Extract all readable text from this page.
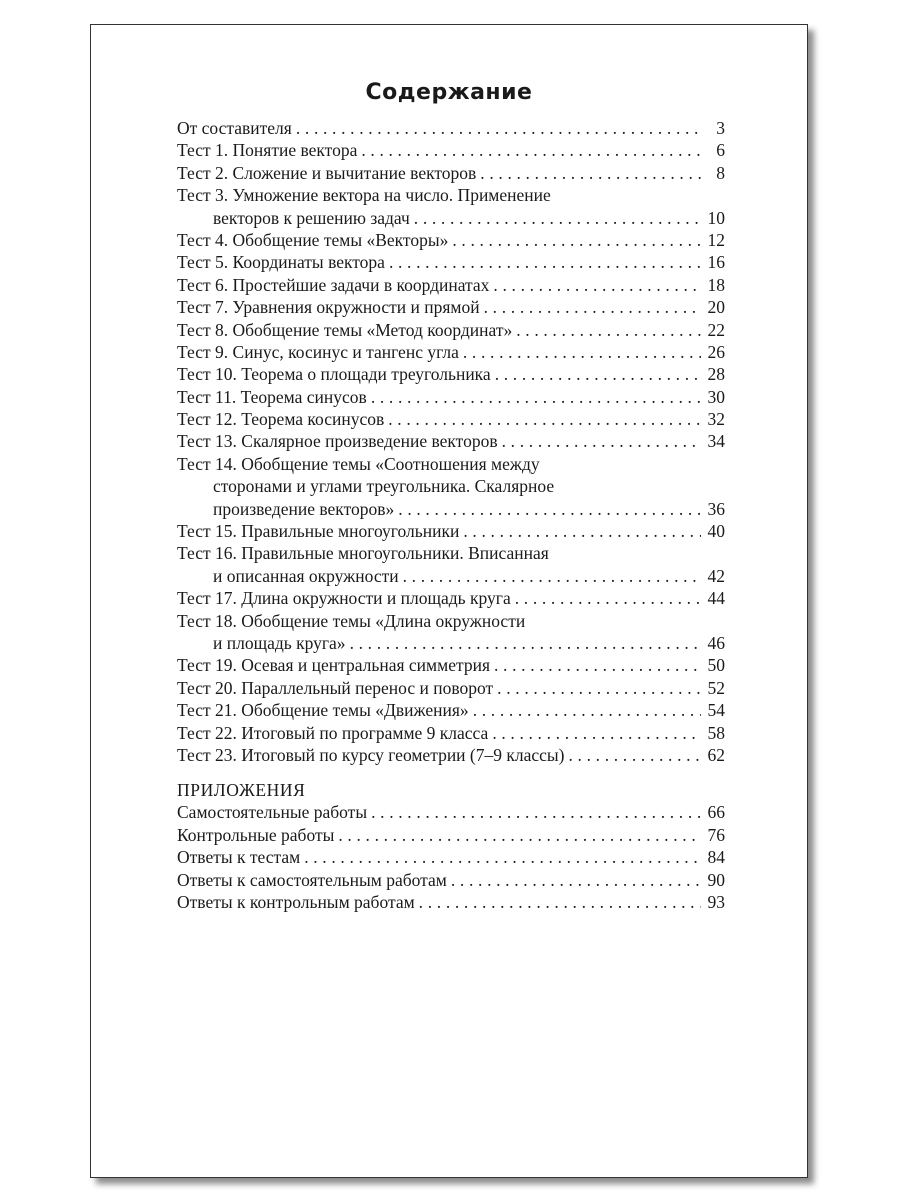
Содержание
От составителя . . .	3
Тест 1. Понятие вектора . . .	6
Тест 2. Сложение и вычитание векторов . . .	8
Тест 3. Умножение вектора на число. Применение
векторов к решению задач . . .	10
Тест 4. Обобщение темы «Векторы» . . .	12
Тест 5. Координаты вектора . . .	16
Тест 6. Простейшие задачи в координатах . . .	18
Тест 7. Уравнения окружности и прямой . . .	20
Тест 8. Обобщение темы «Метод координат» . . .	22
Тест 9. Синус, косинус и тангенс угла . . .	26
Тест 10. Теорема о площади треугольника . . .	28
Тест 11. Теорема синусов . . .	30
Тест 12. Теорема косинусов . . .	32
Тест 13. Скалярное произведение векторов . . .	34
Тест 14. Обобщение темы «Соотношения между
сторонами и углами треугольника. Скалярное
произведение векторов» . . .	36
Тест 15. Правильные многоугольники . . .	40
Тест 16. Правильные многоугольники. Вписанная
и описанная окружности . . .	42
Тест 17. Длина окружности и площадь круга . . .	44
Тест 18. Обобщение темы «Длина окружности
и площадь круга» . . .	46
Тест 19. Осевая и центральная симметрия . . .	50
Тест 20. Параллельный перенос и поворот . . .	52
Тест 21. Обобщение темы «Движения» . . .	54
Тест 22. Итоговый по программе 9 класса . . .	58
Тест 23. Итоговый по курсу геометрии (7–9 классы) . . .	62
ПРИЛОЖЕНИЯ
Самостоятельные работы . . .	66
Контрольные работы . . .	76
Ответы к тестам . . .	84
Ответы к самостоятельным работам . . .	90
Ответы к контрольным работам . . .	93
